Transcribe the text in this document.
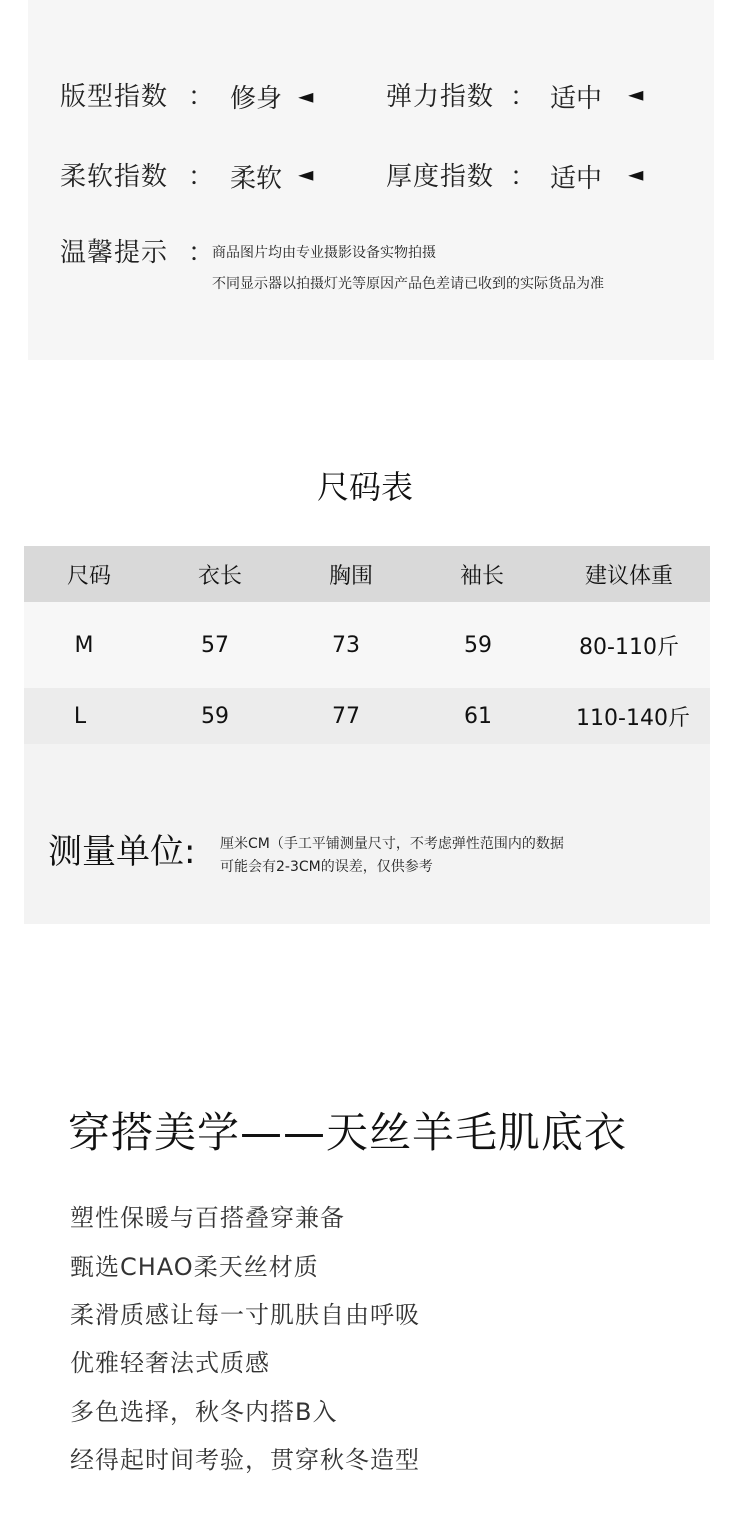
版型指数 ： 修身 ◄	弹力指数 ： 适中 ◄
柔软指数 ： 柔软 ◄	厚度指数 ： 适中 ◄
温馨提示 ：
商品图片均由专业摄影设备实物拍摄
不同显示器以拍摄灯光等原因产品色差请已收到的实际货品为准
尺码表
尺码	衣长	胸围	袖长	建议体重
M	57	73	59	80-110斤
L	59	77	61	110-140斤
测量单位: 厘米CM（手工平铺测量尺寸，不考虑弹性范围内的数据
可能会有2-3CM的误差，仅供参考
穿搭美学——天丝羊毛肌底衣
塑性保暖与百搭叠穿兼备
甄选CHAO柔天丝材质
柔滑质感让每一寸肌肤自由呼吸
优雅轻奢法式质感
多色选择，秋冬内搭B入
经得起时间考验，贯穿秋冬造型
